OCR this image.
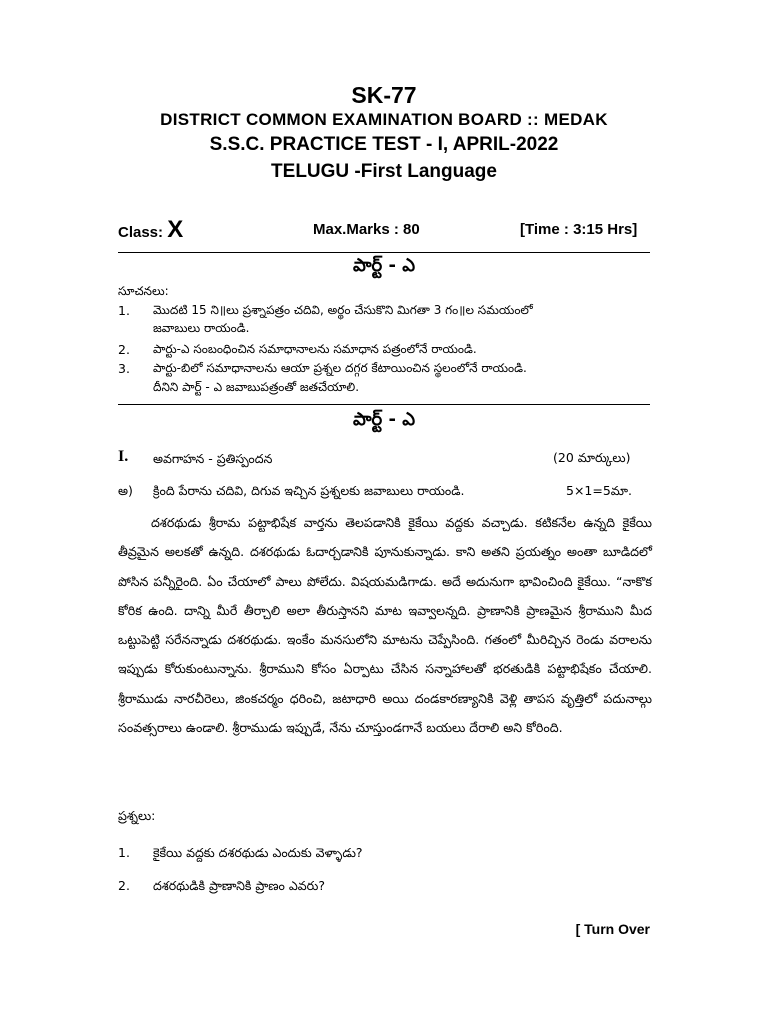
SK-77
DISTRICT COMMON EXAMINATION BOARD :: MEDAK
S.S.C. PRACTICE TEST - I, APRIL-2022
TELUGU -First Language
Class: X	Max.Marks : 80	[Time : 3:15 Hrs]
పార్ట్ - ఎ
సూచనలు:
1. మొదటి 15 ని॥లు ప్రశ్నాపత్రం చదివి, అర్థం చేసుకొని మిగతా 3 గం॥ల సమయంలో
జవాబులు రాయండి.
2. పార్టు-ఎ సంబంధించిన సమాధానాలను సమాధాన పత్రంలోనే రాయండి.
3. పార్టు-బిలో సమాధానాలను ఆయా ప్రశ్నల దగ్గర కేటాయించిన స్థలంలోనే రాయండి.
దీనిని పార్ట్ - ఎ జవాబుపత్రంతో జతచేయాలి.
పార్ట్ - ఎ
I. అవగాహన - ప్రతిస్పందన	(20 మార్కులు)
అ) క్రింది పేరాను చదివి, దిగువ ఇచ్చిన ప్రశ్నలకు జవాబులు రాయండి.	5×1=5మా.
దశరథుడు శ్రీరామ పట్టాభిషేక వార్తను తెలపడానికి కైకేయి వద్దకు వచ్చాడు. కటికనేల ఉన్నది కైకేయి తీవ్రమైన అలకతో ఉన్నది. దశరథుడు ఓదార్చడానికి పూనుకున్నాడు. కాని అతని ప్రయత్నం అంతా బూడిదలో పోసిన పన్నీరైంది. ఏం చేయాలో పాలు పోలేదు. విషయమడిగాడు. అదే అదునుగా భావించింది కైకేయి. “నాకొక కోరిక ఉంది. దాన్ని మీరే తీర్చాలి అలా తీరుస్తానని మాట ఇవ్వాలన్నది. ప్రాణానికి ప్రాణమైన శ్రీరాముని మీద ఒట్టుపెట్టి సరేనన్నాడు దశరథుడు. ఇంకేం మనసులోని మాటను చెప్పేసింది. గతంలో మీరిచ్చిన రెండు వరాలను ఇప్పుడు కోరుకుంటున్నాను. శ్రీరాముని కోసం ఏర్పాటు చేసిన సన్నాహాలతో భరతుడికి పట్టాభిషేకం చేయాలి. శ్రీరాముడు నారచీరెలు, జింకచర్మం ధరించి, జటాధారి అయి దండకారణ్యానికి వెళ్లి తాపస వృత్తిలో పదునాల్గు సంవత్సరాలు ఉండాలి. శ్రీరాముడు ఇప్పుడే, నేను చూస్తుండగానే బయలు దేరాలి అని కోరింది.
ప్రశ్నలు:
1. కైకేయి వద్దకు దశరథుడు ఎందుకు వెళ్ళాడు?
2. దశరథుడికి ప్రాణానికి ప్రాణం ఎవరు?
[ Turn Over
